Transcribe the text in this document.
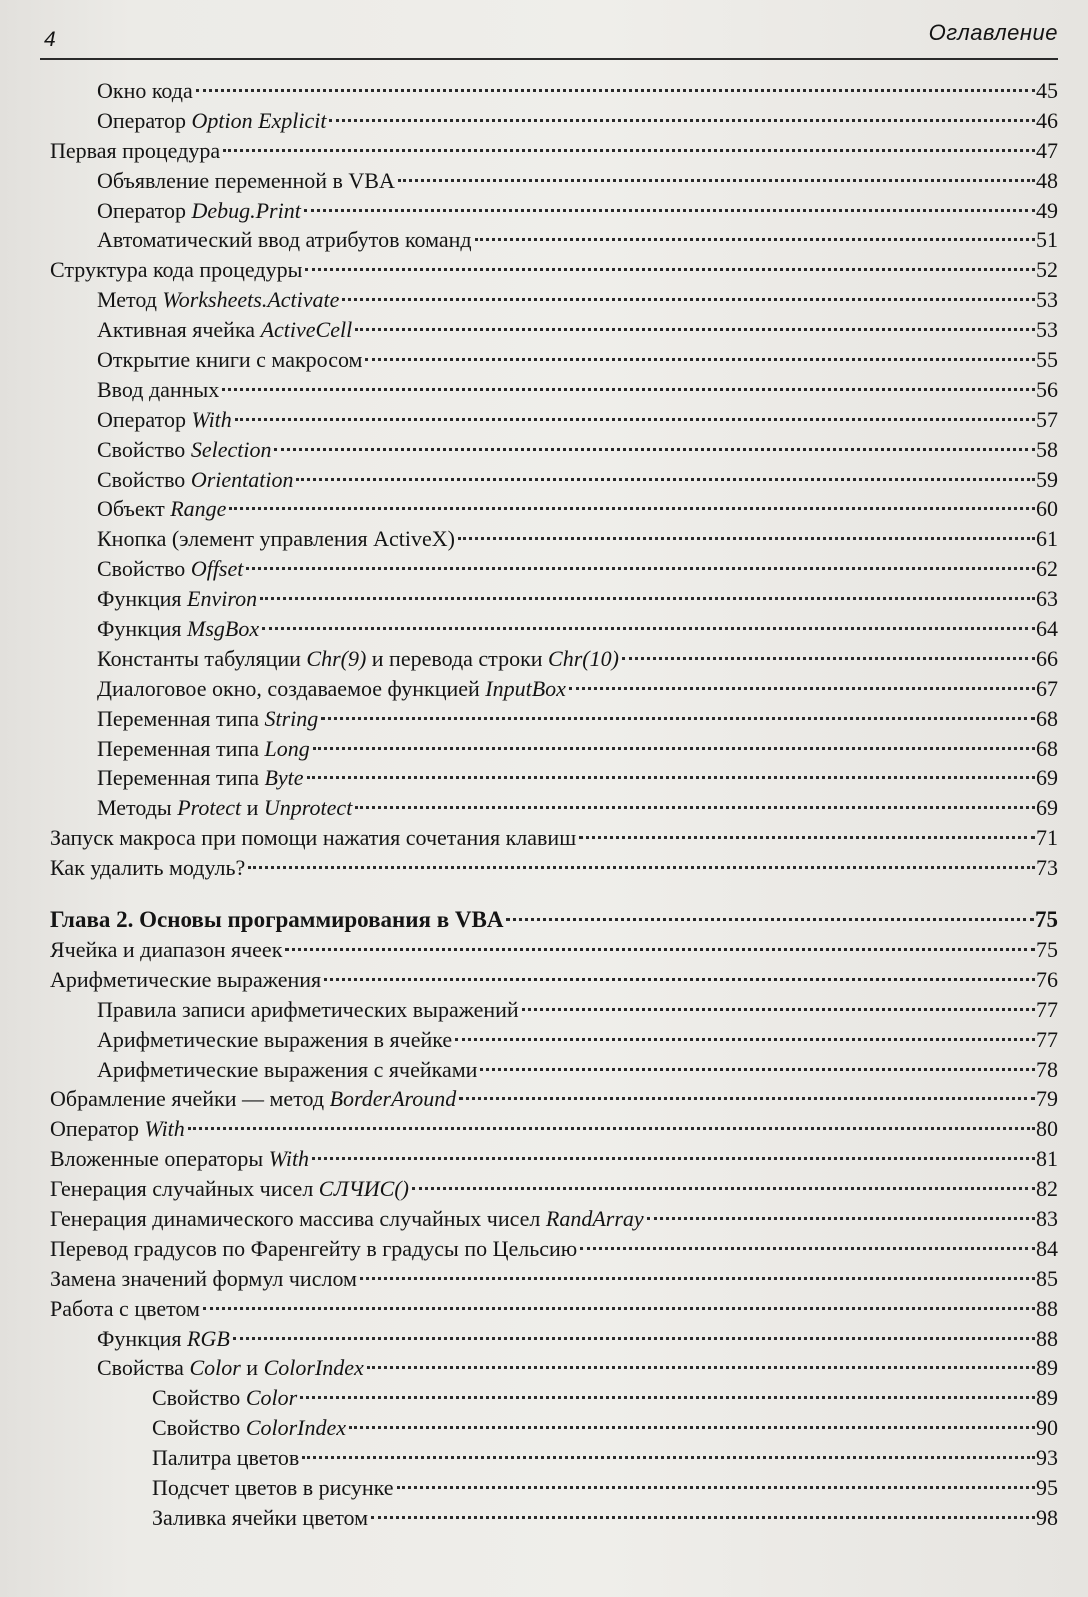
4	Оглавление
Окно кода	45
Оператор Option Explicit	46
Первая процедура	47
Объявление переменной в VBA	48
Оператор Debug.Print	49
Автоматический ввод атрибутов команд	51
Структура кода процедуры	52
Метод Worksheets.Activate	53
Активная ячейка ActiveCell	53
Открытие книги с макросом	55
Ввод данных	56
Оператор With	57
Свойство Selection	58
Свойство Orientation	59
Объект Range	60
Кнопка (элемент управления ActiveX)	61
Свойство Offset	62
Функция Environ	63
Функция MsgBox	64
Константы табуляции Chr(9) и перевода строки Chr(10)	66
Диалоговое окно, создаваемое функцией InputBox	67
Переменная типа String	68
Переменная типа Long	68
Переменная типа Byte	69
Методы Protect и Unprotect	69
Запуск макроса при помощи нажатия сочетания клавиш	71
Как удалить модуль?	73
Глава 2. Основы программирования в VBA	75
Ячейка и диапазон ячеек	75
Арифметические выражения	76
Правила записи арифметических выражений	77
Арифметические выражения в ячейке	77
Арифметические выражения с ячейками	78
Обрамление ячейки — метод BorderAround	79
Оператор With	80
Вложенные операторы With	81
Генерация случайных чисел СЛЧИС()	82
Генерация динамического массива случайных чисел RandArray	83
Перевод градусов по Фаренгейту в градусы по Цельсию	84
Замена значений формул числом	85
Работа с цветом	88
Функция RGB	88
Свойства Color и ColorIndex	89
Свойство Color	89
Свойство ColorIndex	90
Палитра цветов	93
Подсчет цветов в рисунке	95
Заливка ячейки цветом	98
